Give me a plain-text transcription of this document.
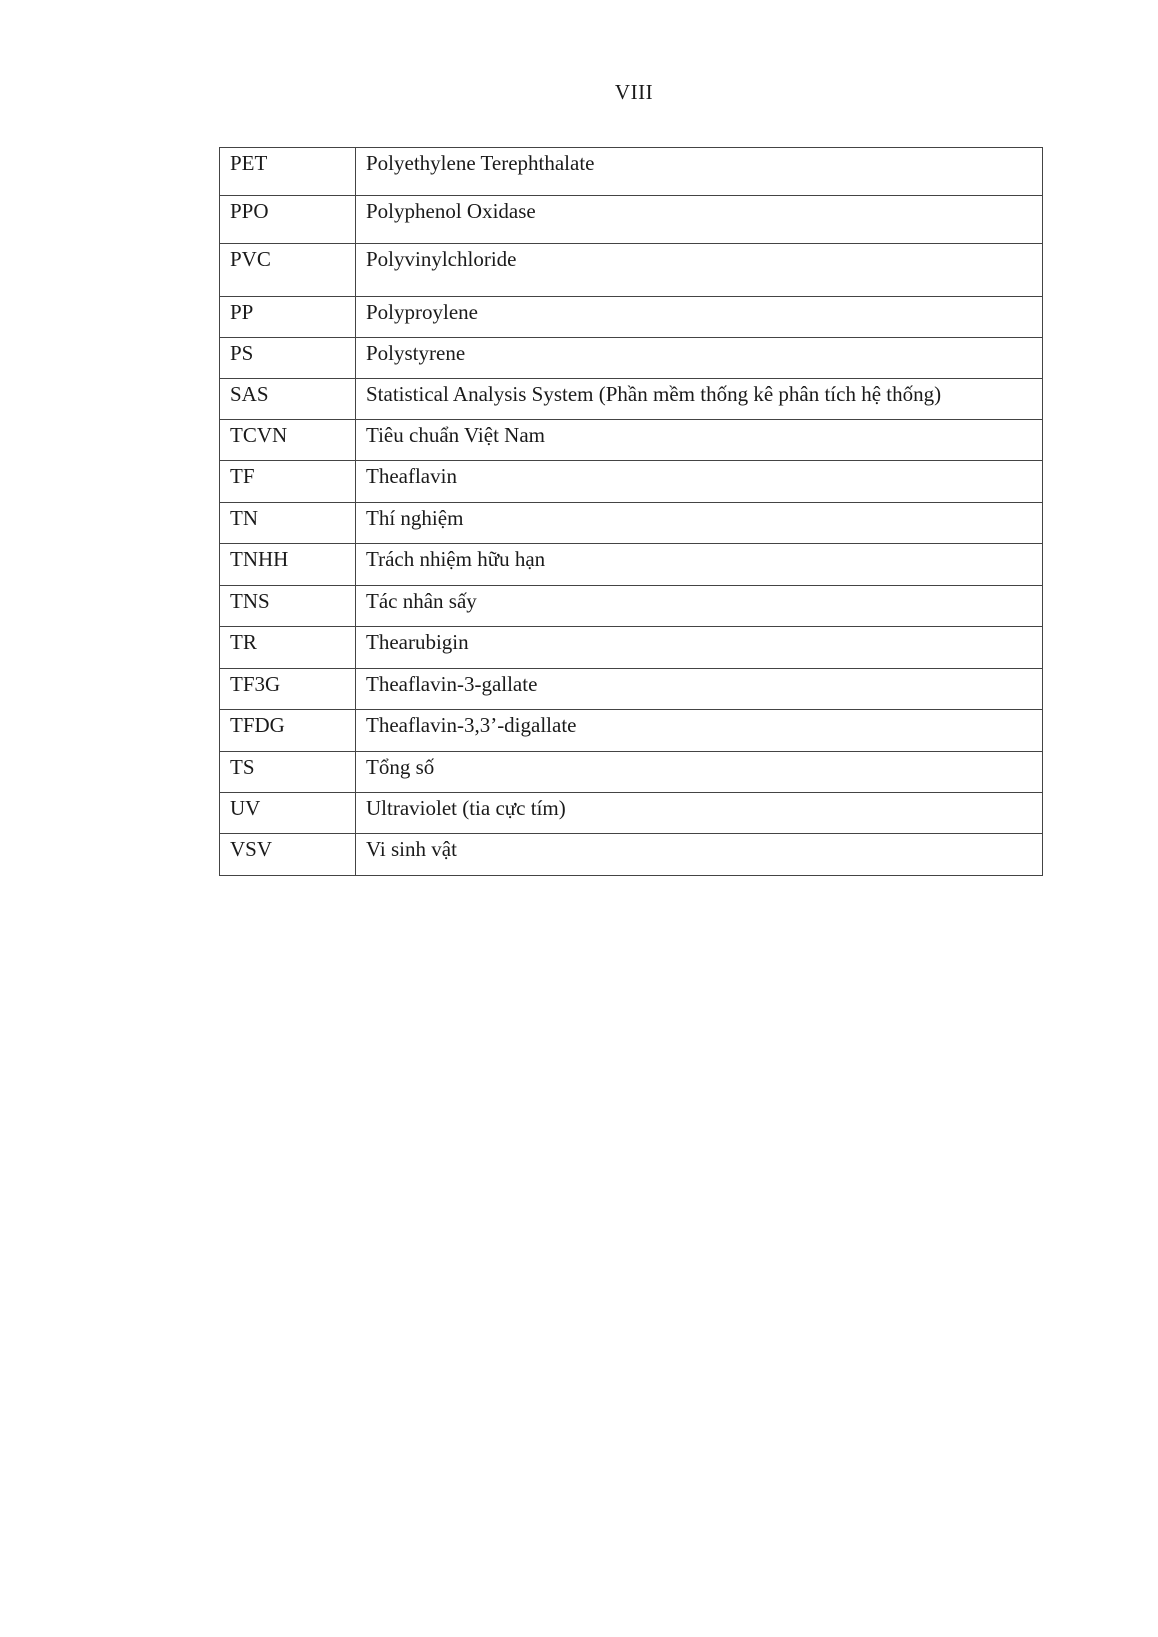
VIII
PET	Polyethylene Terephthalate
PPO	Polyphenol Oxidase
PVC	Polyvinylchloride
PP	Polyproylene
PS	Polystyrene
SAS	Statistical Analysis System (Phần mềm thống kê phân tích hệ thống)
TCVN	Tiêu chuẩn Việt Nam
TF	Theaflavin
TN	Thí nghiệm
TNHH	Trách nhiệm hữu hạn
TNS	Tác nhân sấy
TR	Thearubigin
TF3G	Theaflavin-3-gallate
TFDG	Theaflavin-3,3’-digallate
TS	Tổng số
UV	Ultraviolet (tia cực tím)
VSV	Vi sinh vật
